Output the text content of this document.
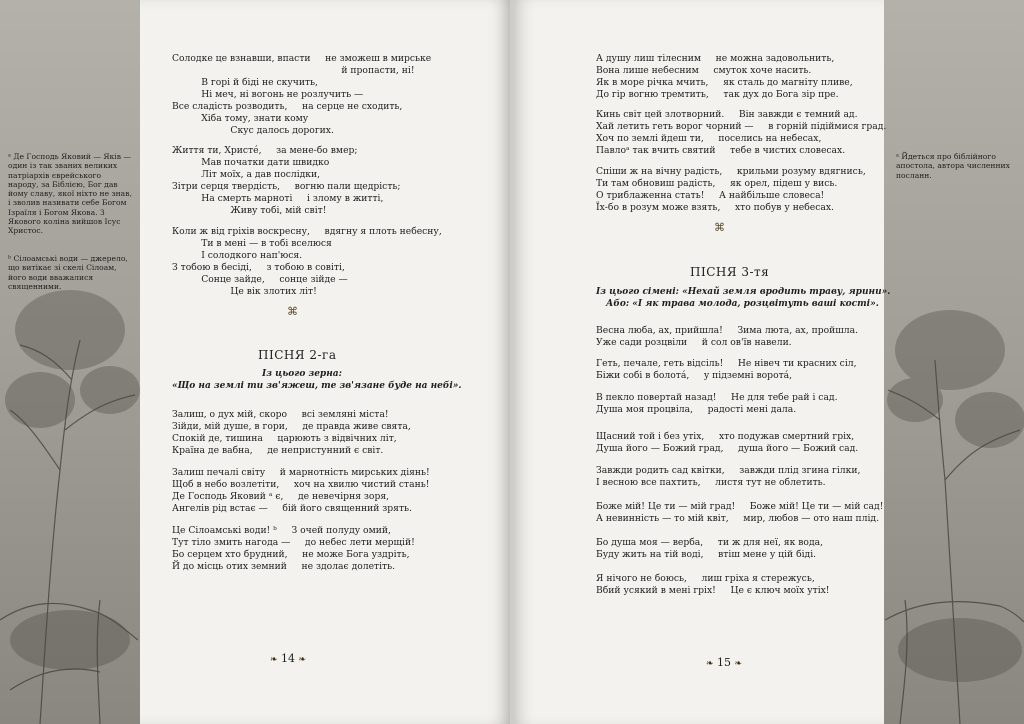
ᵃ Де Господь Яковий — Яків — один із так званих великих патріархів єврейського народу, за Біблією, Бог дав йому славу, якої ніхто не знав, і зволив називати себе Богом Ізраїля і Богом Якова. З Якового коліна вийшов Ісус Христос.
ᵇ Сілоамські води — джерело, що витікає зі скелі Сілоам, його води вважалися священними.
ᵃ Йдеться про біблійного апостола, автора численних посланн.
Солодке це взнавши, впасти     не зможеш в мирське
й пропасти, ні!
В горі й біді не скучить,
Ні меч, ні вогонь не розлучить —
Все сладість розводить,     на серце не сходить,
Хіба тому, знати кому
Скус далось дорогих.
Життя ти, Христе́,     за мене-бо вмер;
Мав початки дати швидко
Літ моїх, а дав послідки,
Зітри серця твердість,     вогню пали щедрість;
На смерть марноті     і злому в житті,
Живу тобі, мій світ!
Коли ж від гріхів воскресну,     вдягну я плоть небесну,
Ти в мені — в тобі вселюся
І солодкого нап'юся.
З тобою в бесіді,     з тобою в совіті,
Сонце зайде,     сонце зійде —
Це вік злотих літ!
⌘
ПІСНЯ 2-га
Із цього зерна:
«Що на землі ти зв'яжеш, те зв'язане буде на небі».
Залиш, о дух мій, скоро     всі земляні міста!
Зійди, мій душе, в гори,     де правда живе свята,
Спокій де, тишина     царюють з відвічних літ,
Країна де вабна,     де непристунний є світ.
Залиш печалі світу     й марнотність мирських діянь!
Щоб в небо возлетіти,     хоч на хвилю чистий стань!
Де Господь Яковий ᵃ є,     де невечірня зоря,
Ангелів рід встає —     бій його священний зрять.
Це Сілоамські води! ᵇ     З очей полуду омий,
Тут тіло змить нагода —     до небес лети мерщій!
Бо серцем хто брудний,     не може Бога уздріть,
Й до місць отих земний     не здолає долетіть.
❧ 14 ❧
А душу лиш тілесним     не можна задовольнить,
Вона лише небесним     смуток хоче насить.
Як в море річка мчить,     як сталь до магніту пливе,
До гір вогню тремтить,     так дух до Бога зір пре.
Кинь світ цей злотворний.     Він завжди є темний ад.
Хай летить геть ворог чорний —     в горній підіймися град.
Хоч по землі йдеш ти,     поселись на небесах,
Павлоᵃ так вчить святий     тебе в чистих словесах.
Спіши ж на вічну радість,     крильми розуму вдягнись,
Ти там обновиш радість,     як орел, підеш у вись.
О триблаженна стать!     А найбільше словеса!
Їх-бо в розум може взять,     хто побув у небесах.
⌘
ПІСНЯ 3-тя
Із цього сімені: «Нехай земля вродить траву, ярини».
Або: «І як трава молода, розцвітуть ваші кості».
Весна люба, ах, прийшла!     Зима люта, ах, пройшла.
Уже сади розцвіли     й сол ов'їв навели.
Геть, печале, геть відсіль!     Не нівеч ти красних сіл,
Біжи собі в болотá,     у підземні воротá,
В пекло повертай назад!     Не для тебе рай і сад.
Душа моя процвіла,     радості мені дала.
Щасний той і без утіх,     хто подужав смертний гріх,
Душа його — Божий град,     душа його — Божий сад.
Завжди родить сад квітки,     завжди плід згина гілки,
І весною все пахтить,     листя тут не облетить.
Боже мій! Це ти — мій град!     Боже мій! Це ти — мій сад!
А невинність — то мій квіт,     мир, любов — ото наш плід.
Бо душа моя — верба,     ти ж для неї, як вода,
Буду жить на тій воді,     втіш мене у цій біді.
Я нічого не боюсь,     лиш гріха я стережусь,
Вбий усякий в мені гріх!     Це є ключ моїх утіх!
❧ 15 ❧
